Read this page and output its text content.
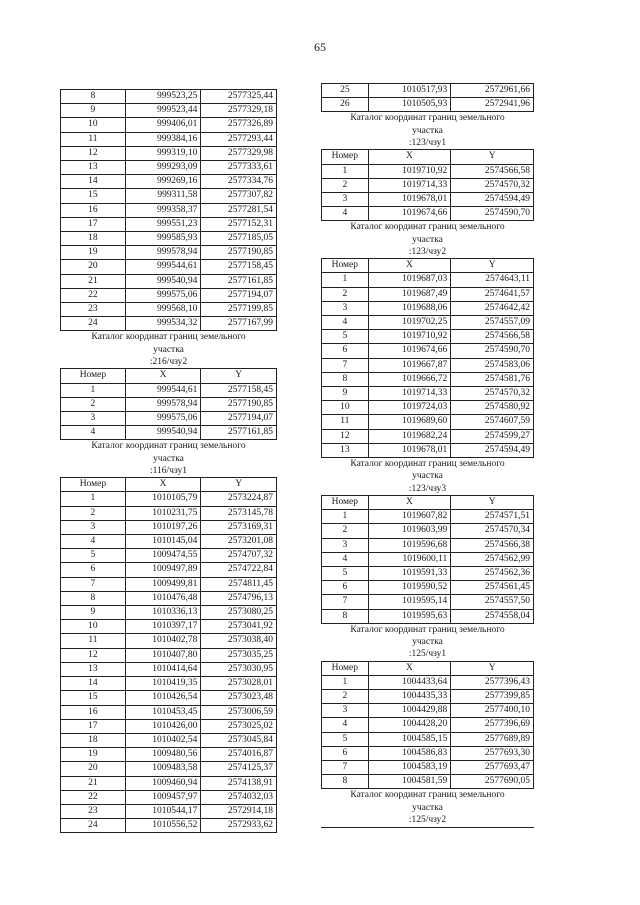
65
8	999523,25	2577325,44
9	999523,44	2577329,18
10	999406,01	2577326,89
11	999384,16	2577293,44
12	999319,10	2577329,98
13	999293,09	2577333,61
14	999269,16	2577334,76
15	999311,58	2577307,82
16	999358,37	2577281,54
17	999551,23	2577152,31
18	999585,93	2577185,05
19	999578,94	2577190,85
20	999544,61	2577158,45
21	999540,94	2577161,85
22	999575,06	2577194,07
23	999568,10	2577199,85
24	999534,32	2577167,99
Каталог координат границ земельного
участка
:216/чзу2
Номер	X	Y
1	999544,61	2577158,45
2	999578,94	2577190,85
3	999575,06	2577194,07
4	999540,94	2577161,85
Каталог координат границ земельного
участка
:116/чзу1
Номер	X	Y
1	1010105,79	2573224,87
2	1010231,75	2573145,78
3	1010197,26	2573169,31
4	1010145,04	2573201,08
5	1009474,55	2574707,32
6	1009497,89	2574722,84
7	1009499,81	2574811,45
8	1010476,48	2574796,13
9	1010336,13	2573080,25
10	1010397,17	2573041,92
11	1010402,78	2573038,40
12	1010407,80	2573035,25
13	1010414,64	2573030,95
14	1010419,35	2573028,01
15	1010426,54	2573023,48
16	1010453,45	2573006,59
17	1010426,00	2573025,02
18	1010402,54	2573045,84
19	1009480,56	2574016,87
20	1009483,58	2574125,37
21	1009460,94	2574138,91
22	1009457,97	2574032,03
23	1010544,17	2572914,18
24	1010556,52	2572933,62
25	1010517,93	2572961,66
26	1010505,93	2572941,96
Каталог координат границ земельного
участка
:123/чзу1
Номер	X	Y
1	1019710,92	2574566,58
2	1019714,33	2574570,32
3	1019678,01	2574594,49
4	1019674,66	2574590,70
Каталог координат границ земельного
участка
:123/чзу2
Номер	X	Y
1	1019687,03	2574643,11
2	1019687,49	2574641,57
3	1019688,06	2574642,42
4	1019702,25	2574557,09
5	1019710,92	2574566,58
6	1019674,66	2574590,70
7	1019667,87	2574583,06
8	1019666,72	2574581,76
9	1019714,33	2574570,32
10	1019724,03	2574580,92
11	1019689,60	2574607,59
12	1019682,24	2574599,27
13	1019678,01	2574594,49
Каталог координат границ земельного
участка
:123/чзу3
Номер	X	Y
1	1019607,82	2574571,51
2	1019603,99	2574570,34
3	1019596,68	2574566,38
4	1019600,11	2574562,99
5	1019591,33	2574562,36
6	1019590,52	2574561,45
7	1019595,14	2574557,50
8	1019595,63	2574558,04
Каталог координат границ земельного
участка
:125/чзу1
Номер	X	Y
1	1004433,64	2577396,43
2	1004435,33	2577399,85
3	1004429,88	2577400,10
4	1004428,20	2577396,69
5	1004585,15	2577689,89
6	1004586,83	2577693,30
7	1004583,19	2577693,47
8	1004581,59	2577690,05
Каталог координат границ земельного
участка
:125/чзу2
